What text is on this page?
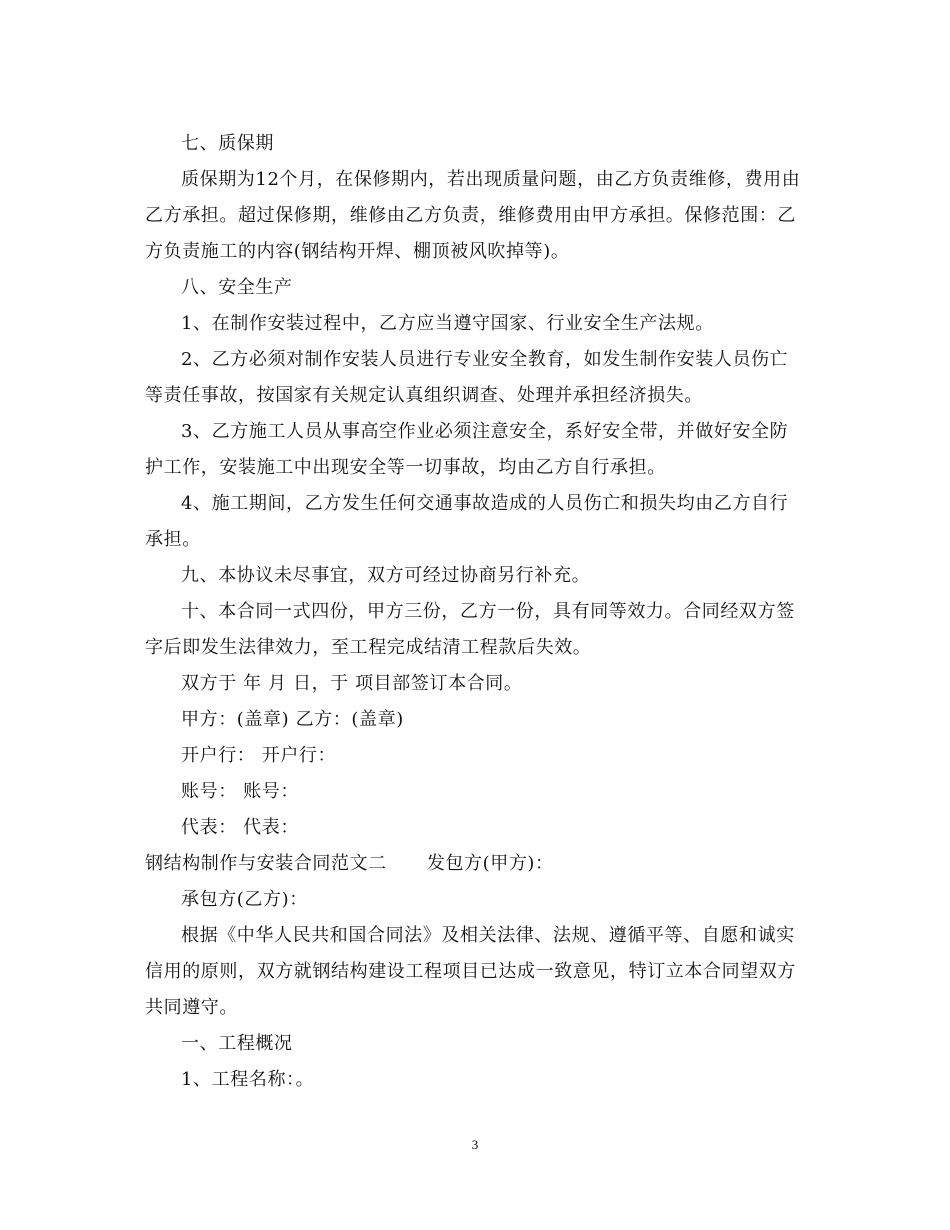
七、质保期

质保期为12个月，在保修期内，若出现质量问题，由乙方负责维修，费用由乙方承担。超过保修期，维修由乙方负责，维修费用由甲方承担。保修范围：乙方负责施工的内容(钢结构开焊、棚顶被风吹掉等)。

八、安全生产

1、在制作安装过程中，乙方应当遵守国家、行业安全生产法规。

2、乙方必须对制作安装人员进行专业安全教育，如发生制作安装人员伤亡等责任事故，按国家有关规定认真组织调查、处理并承担经济损失。

3、乙方施工人员从事高空作业必须注意安全，系好安全带，并做好安全防护工作，安装施工中出现安全等一切事故，均由乙方自行承担。

4、施工期间，乙方发生任何交通事故造成的人员伤亡和损失均由乙方自行承担。

九、本协议未尽事宜，双方可经过协商另行补充。

十、本合同一式四份，甲方三份，乙方一份，具有同等效力。合同经双方签字后即发生法律效力，至工程完成结清工程款后失效。

双方于 年 月 日，于 项目部签订本合同。

甲方：(盖章) 乙方：(盖章)

开户行： 开户行：

账号： 账号：

代表： 代表：

钢结构制作与安装合同范文二 发包方(甲方)：

承包方(乙方)：

根据《中华人民共和国合同法》及相关法律、法规、遵循平等、自愿和诚实信用的原则，双方就钢结构建设工程项目已达成一致意见，特订立本合同望双方共同遵守。

一、工程概况

1、工程名称：。

3
